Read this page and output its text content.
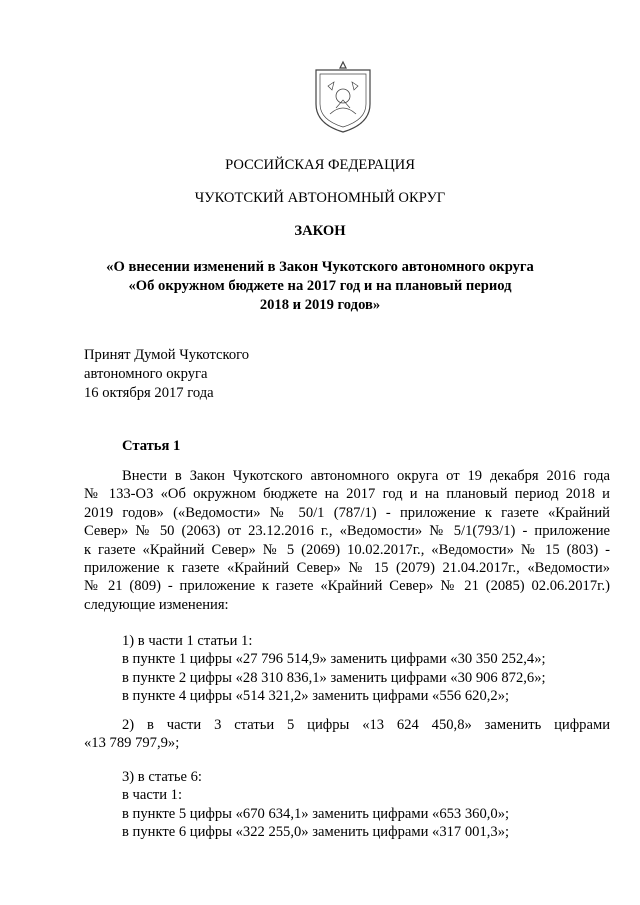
РОССИЙСКАЯ ФЕДЕРАЦИЯ
ЧУКОТСКИЙ АВТОНОМНЫЙ ОКРУГ
ЗАКОН
«О внесении изменений в Закон Чукотского автономного округа
«Об окружном бюджете на 2017 год и на плановый период
2018 и 2019 годов»
Принят Думой Чукотского
автономного округа
16 октября 2017 года
Статья 1
Внести в Закон Чукотского автономного округа от 19 декабря 2016 года
№ 133-ОЗ «Об окружном бюджете на 2017 год и на плановый период 2018 и
2019 годов» («Ведомости» № 50/1 (787/1) - приложение к газете «Крайний
Север» № 50 (2063) от 23.12.2016 г., «Ведомости» № 5/1(793/1) - приложение
к газете «Крайний Север» № 5 (2069) 10.02.2017г., «Ведомости» № 15 (803) -
приложение к газете «Крайний Север» № 15 (2079) 21.04.2017г., «Ведомости»
№ 21 (809) - приложение к газете «Крайний Север» № 21 (2085) 02.06.2017г.)
следующие изменения:
1) в части 1 статьи 1:
в пункте 1 цифры «27 796 514,9» заменить цифрами «30 350 252,4»;
в пункте 2 цифры «28 310 836,1» заменить цифрами «30 906 872,6»;
в пункте 4 цифры «514 321,2» заменить цифрами «556 620,2»;
2) в части 3 статьи 5 цифры «13 624 450,8» заменить цифрами
«13 789 797,9»;
3) в статье 6:
в части 1:
в пункте 5 цифры «670 634,1» заменить цифрами «653 360,0»;
в пункте 6 цифры «322 255,0» заменить цифрами «317 001,3»;
